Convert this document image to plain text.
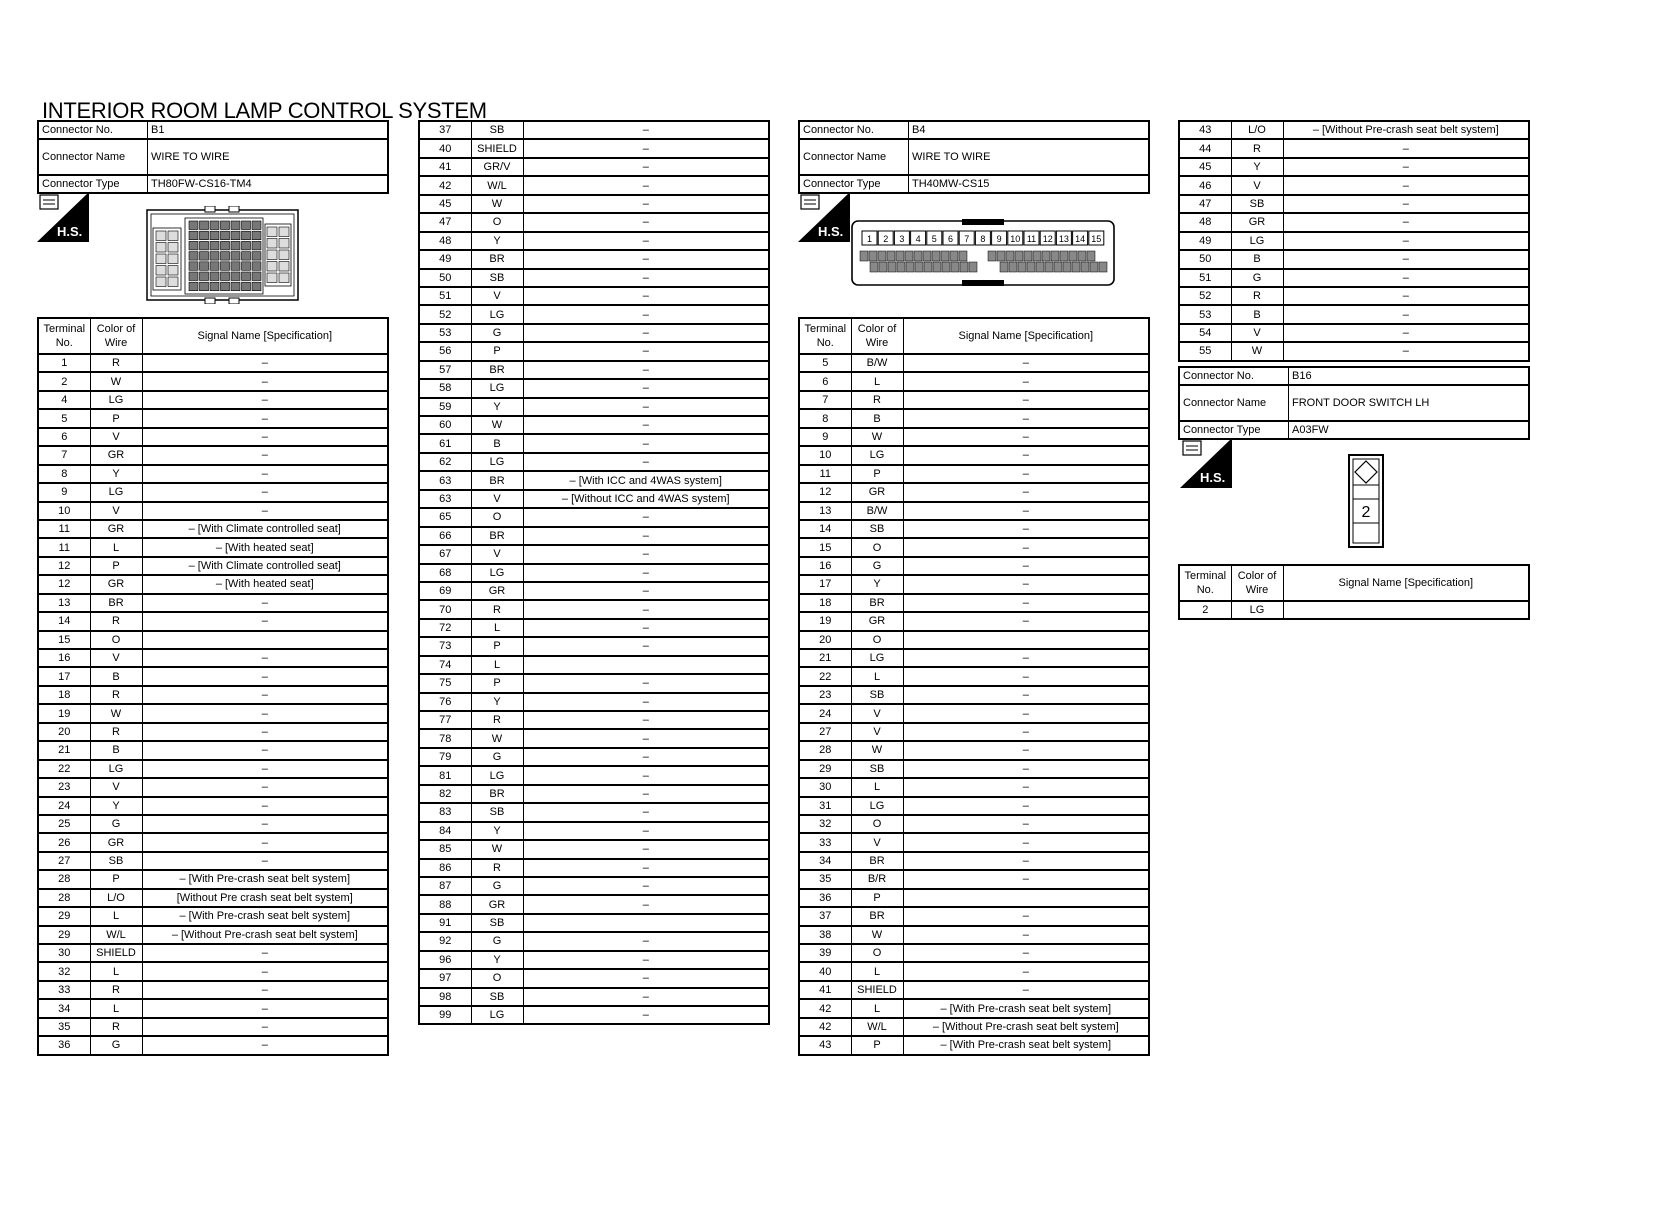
INTERIOR ROOM LAMP CONTROL SYSTEM
Connector No.	B1
Connector Name	WIRE TO WIRE
Connector Type	TH80FW-CS16-TM4
H.S.
Connector No.	B4
Connector Name	WIRE TO WIRE
Connector Type	TH40MW-CS15
H.S.	1 2 3 4 5 6 7 8 9 10 11 12 13 14 15
Connector No.	B16
Connector Name	FRONT DOOR SWITCH LH
Connector Type	A03FW
H.S.
2
Terminal No.	Color of Wire	Signal Name [Specification]
1	R	–
2	W	–
4	LG	–
5	P	–
6	V	–
7	GR	–
8	Y	–
9	LG	–
10	V	–
11	GR	– [With Climate controlled seat]
11	L	– [With heated seat]
12	P	– [With Climate controlled seat]
12	GR	– [With heated seat]
13	BR	–
14	R	–
15	O	
16	V	–
17	B	–
18	R	–
19	W	–
20	R	–
21	B	–
22	LG	–
23	V	–
24	Y	–
25	G	–
26	GR	–
27	SB	–
28	P	– [With Pre-crash seat belt system]
28	L/O	[Without Pre crash seat belt system]
29	L	– [With Pre-crash seat belt system]
29	W/L	– [Without Pre-crash seat belt system]
30	SHIELD	–
32	L	–
33	R	–
34	L	–
35	R	–
36	G	–
37	SB	–
40	SHIELD	–
41	GR/V	–
42	W/L	–
45	W	–
47	O	–
48	Y	–
49	BR	–
50	SB	–
51	V	–
52	LG	–
53	G	–
56	P	–
57	BR	–
58	LG	–
59	Y	–
60	W	–
61	B	–
62	LG	–
63	BR	– [With ICC and 4WAS system]
63	V	– [Without ICC and 4WAS system]
65	O	–
66	BR	–
67	V	–
68	LG	–
69	GR	–
70	R	–
72	L	–
73	P	–
74	L	
75	P	–
76	Y	–
77	R	–
78	W	–
79	G	–
81	LG	–
82	BR	–
83	SB	–
84	Y	–
85	W	–
86	R	–
87	G	–
88	GR	–
91	SB	
92	G	–
96	Y	–
97	O	–
98	SB	–
99	LG	–
Terminal No.	Color of Wire	Signal Name [Specification]
5	B/W	–
6	L	–
7	R	–
8	B	–
9	W	–
10	LG	–
11	P	–
12	GR	–
13	B/W	–
14	SB	–
15	O	–
16	G	–
17	Y	–
18	BR	–
19	GR	–
20	O	
21	LG	–
22	L	–
23	SB	–
24	V	–
27	V	–
28	W	–
29	SB	–
30	L	–
31	LG	–
32	O	–
33	V	–
34	BR	–
35	B/R	–
36	P	
37	BR	–
38	W	–
39	O	–
40	L	–
41	SHIELD	–
42	L	– [With Pre-crash seat belt system]
42	W/L	– [Without Pre-crash seat belt system]
43	P	– [With Pre-crash seat belt system]
43	L/O	– [Without Pre-crash seat belt system]
44	R	–
45	Y	–
46	V	–
47	SB	–
48	GR	–
49	LG	–
50	B	–
51	G	–
52	R	–
53	B	–
54	V	–
55	W	–
Terminal No.	Color of Wire	Signal Name [Specification]
2	LG	
